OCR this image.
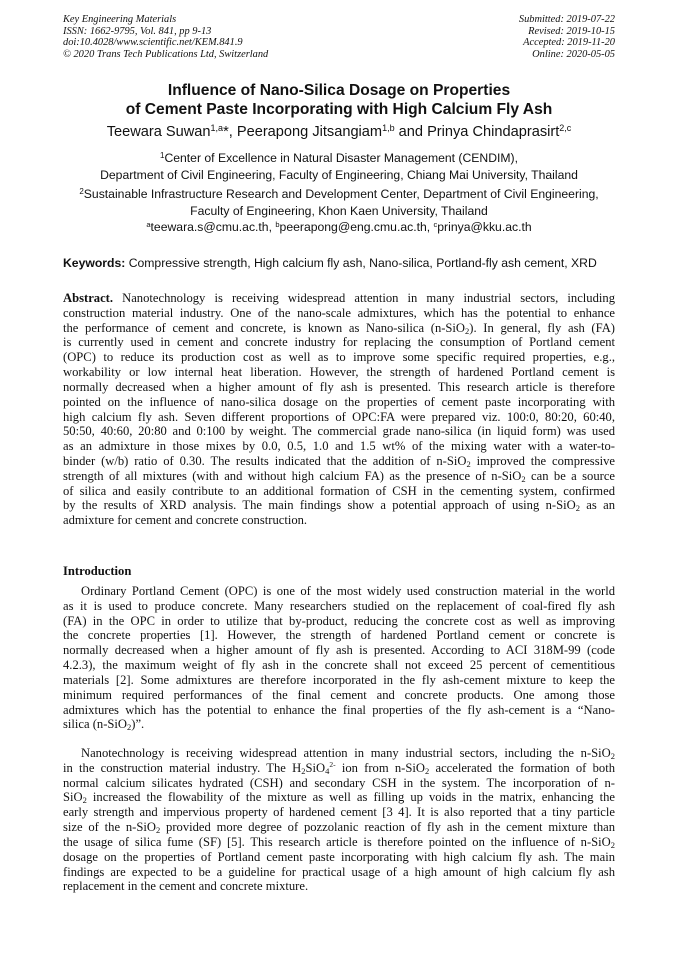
Key Engineering Materials
ISSN: 1662-9795, Vol. 841, pp 9-13
doi:10.4028/www.scientific.net/KEM.841.9
© 2020 Trans Tech Publications Ltd, Switzerland
Submitted: 2019-07-22
Revised: 2019-10-15
Accepted: 2019-11-20
Online: 2020-05-05
Influence of Nano-Silica Dosage on Properties
of Cement Paste Incorporating with High Calcium Fly Ash
Teewara Suwan$^{1,a}$*, Peerapong Jitsangiam$^{1,b}$ and Prinya Chindaprasirt$^{2,c}$
$^1$Center of Excellence in Natural Disaster Management (CENDIM),
Department of Civil Engineering, Faculty of Engineering, Chiang Mai University, Thailand
$^2$Sustainable Infrastructure Research and Development Center, Department of Civil Engineering,
Faculty of Engineering, Khon Kaen University, Thailand
$^a$teewara.s@cmu.ac.th, $^b$peerapong@eng.cmu.ac.th, $^c$prinya@kku.ac.th
Keywords: Compressive strength, High calcium fly ash, Nano-silica, Portland-fly ash cement, XRD
Abstract. Nanotechnology is receiving widespread attention in many industrial sectors, including
construction material industry. One of the nano-scale admixtures, which has the potential to enhance
the performance of cement and concrete, is known as Nano-silica (n-SiO$_2$). In general, fly ash (FA)
is currently used in cement and concrete industry for replacing the consumption of Portland cement
(OPC) to reduce its production cost as well as to improve some specific required properties, e.g.,
workability or low internal heat liberation. However, the strength of hardened Portland cement is
normally decreased when a higher amount of fly ash is presented. This research article is therefore
pointed on the influence of nano-silica dosage on the properties of cement paste incorporating with
high calcium fly ash. Seven different proportions of OPC:FA were prepared viz. 100:0, 80:20, 60:40,
50:50, 40:60, 20:80 and 0:100 by weight. The commercial grade nano-silica (in liquid form) was used
as an admixture in those mixes by 0.0, 0.5, 1.0 and 1.5 wt% of the mixing water with a water-to-
binder (w/b) ratio of 0.30. The results indicated that the addition of n-SiO$_2$ improved the compressive
strength of all mixtures (with and without high calcium FA) as the presence of n-SiO$_2$ can be a source
of silica and easily contribute to an additional formation of CSH in the cementing system, confirmed
by the results of XRD analysis. The main findings show a potential approach of using n-SiO$_2$ as an
admixture for cement and concrete construction.
Introduction
Ordinary Portland Cement (OPC) is one of the most widely used construction material in the world
as it is used to produce concrete. Many researchers studied on the replacement of coal-fired fly ash
(FA) in the OPC in order to utilize that by-product, reducing the concrete cost as well as improving
the concrete properties [1]. However, the strength of hardened Portland cement or concrete is
normally decreased when a higher amount of fly ash is presented. According to ACI 318M-99 (code
4.2.3), the maximum weight of fly ash in the concrete shall not exceed 25 percent of cementitious
materials [2]. Some admixtures are therefore incorporated in the fly ash-cement mixture to keep the
minimum required performances of the final cement and concrete products. One among those
admixtures which has the potential to enhance the final properties of the fly ash-cement is a “Nano-
silica (n-SiO$_2$)”.
Nanotechnology is receiving widespread attention in many industrial sectors, including the n-SiO$_2$
in the construction material industry. The $H_2SiO_4^{2-}$ ion from n-SiO$_2$ accelerated the formation of both
normal calcium silicates hydrated (CSH) and secondary CSH in the system. The incorporation of n-
SiO$_2$ increased the flowability of the mixture as well as filling up voids in the matrix, enhancing the
early strength and impervious property of hardened cement [3 4]. It is also reported that a tiny particle
size of the n-SiO$_2$ provided more degree of pozzolanic reaction of fly ash in the cement mixture than
the usage of silica fume (SF) [5]. This research article is therefore pointed on the influence of n-SiO$_2$
dosage on the properties of Portland cement paste incorporating with high calcium fly ash. The main
findings are expected to be a guideline for practical usage of a high amount of high calcium fly ash
replacement in the cement and concrete mixture.
